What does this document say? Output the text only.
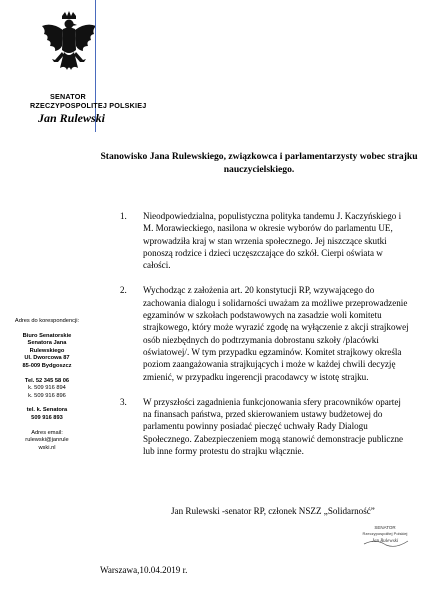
SENATOR
RZECZYPOSPOLITEJ POLSKIEJ
Jan Rulewski
Adres do korespondencji:
Biuro Senatorskie
Senatora Jana
Rulewskiego
Ul. Dworcowa 87
85-009 Bydgoszcz
Tel. 52 345 58 06
k. 509 916 894
k. 509 916 896
tel. k. Senatora
509 916 893
Adres email:
rulewski@janrule
wski.nl
Stanowisko Jana Rulewskiego, związkowca i parlamentarzysty wobec strajku nauczycielskiego.
1. Nieodpowiedzialna, populistyczna polityka tandemu J. Kaczyńskiego i M. Morawieckiego, nasilona w okresie wyborów do parlamentu UE, wprowadziła kraj w stan wrzenia społecznego. Jej niszczące skutki ponoszą rodzice i dzieci uczęszczające do szkół. Cierpi oświata w całości.
2. Wychodząc z założenia art. 20 konstytucji RP, wzywającego do zachowania dialogu i solidarności uważam za możliwe przeprowadzenie egzaminów w szkołach podstawowych na zasadzie woli komitetu strajkowego, który może wyrazić zgodę na wyłączenie z akcji strajkowej osób niezbędnych do podtrzymania dobrostanu szkoły /placówki oświatowej/. W tym przypadku egzaminów. Komitet strajkowy określa poziom zaangażowania strajkujących i może w każdej chwili decyzję zmienić, w przypadku ingerencji pracodawcy w istotę strajku.
3. W przyszłości zagadnienia funkcjonowania sfery pracowników opartej na finansach państwa, przed skierowaniem ustawy budżetowej do parlamentu powinny posiadać pieczęć uchwały Rady Dialogu Społecznego. Zabezpieczeniem mogą stanowić demonstracje publiczne lub inne formy protestu do strajku włącznie.
Jan Rulewski -senator RP, członek NSZZ „Solidarność”
SENATOR
Rzeczypospolitej Polskiej
Jan Rulewski
Warszawa,10.04.2019 r.
